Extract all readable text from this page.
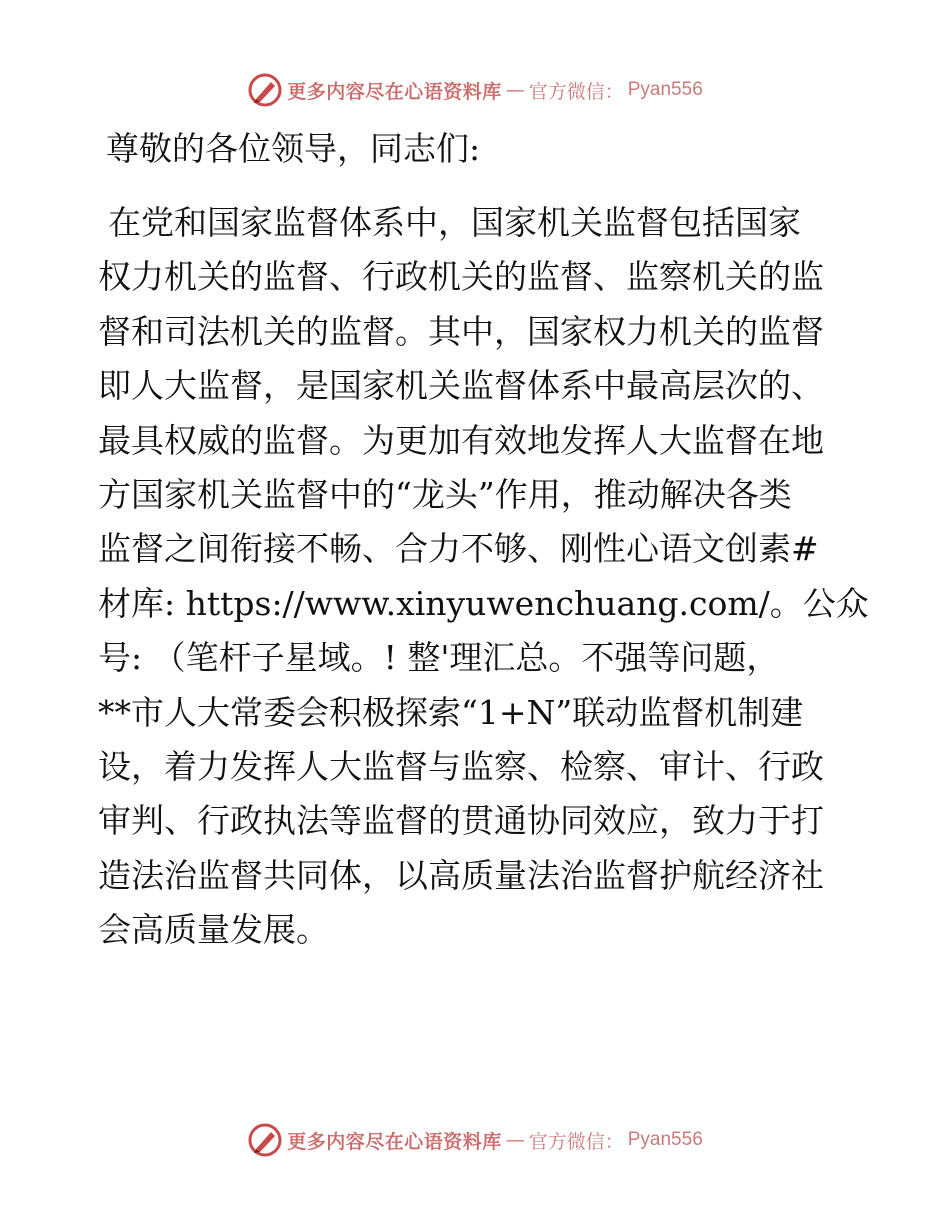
更多内容尽在心语资料库 — 官方微信： Pyan556
尊敬的各位领导，同志们:
在党和国家监督体系中，国家机关监督包括国家
权力机关的监督、行政机关的监督、监察机关的监
督和司法机关的监督。其中，国家权力机关的监督
即人大监督，是国家机关监督体系中最高层次的、
最具权威的监督。为更加有效地发挥人大监督在地
方国家机关监督中的“龙头”作用，推动解决各类
监督之间衔接不畅、合力不够、刚性心语文创素#
材库: https://www.xinyuwenchuang.com/。公众
号: （笔杆子星域。! 整'理汇总。不强等问题，
**市人大常委会积极探索“1+N”联动监督机制建
设，着力发挥人大监督与监察、检察、审计、行政
审判、行政执法等监督的贯通协同效应，致力于打
造法治监督共同体，以高质量法治监督护航经济社
会高质量发展。
更多内容尽在心语资料库 — 官方微信： Pyan556
